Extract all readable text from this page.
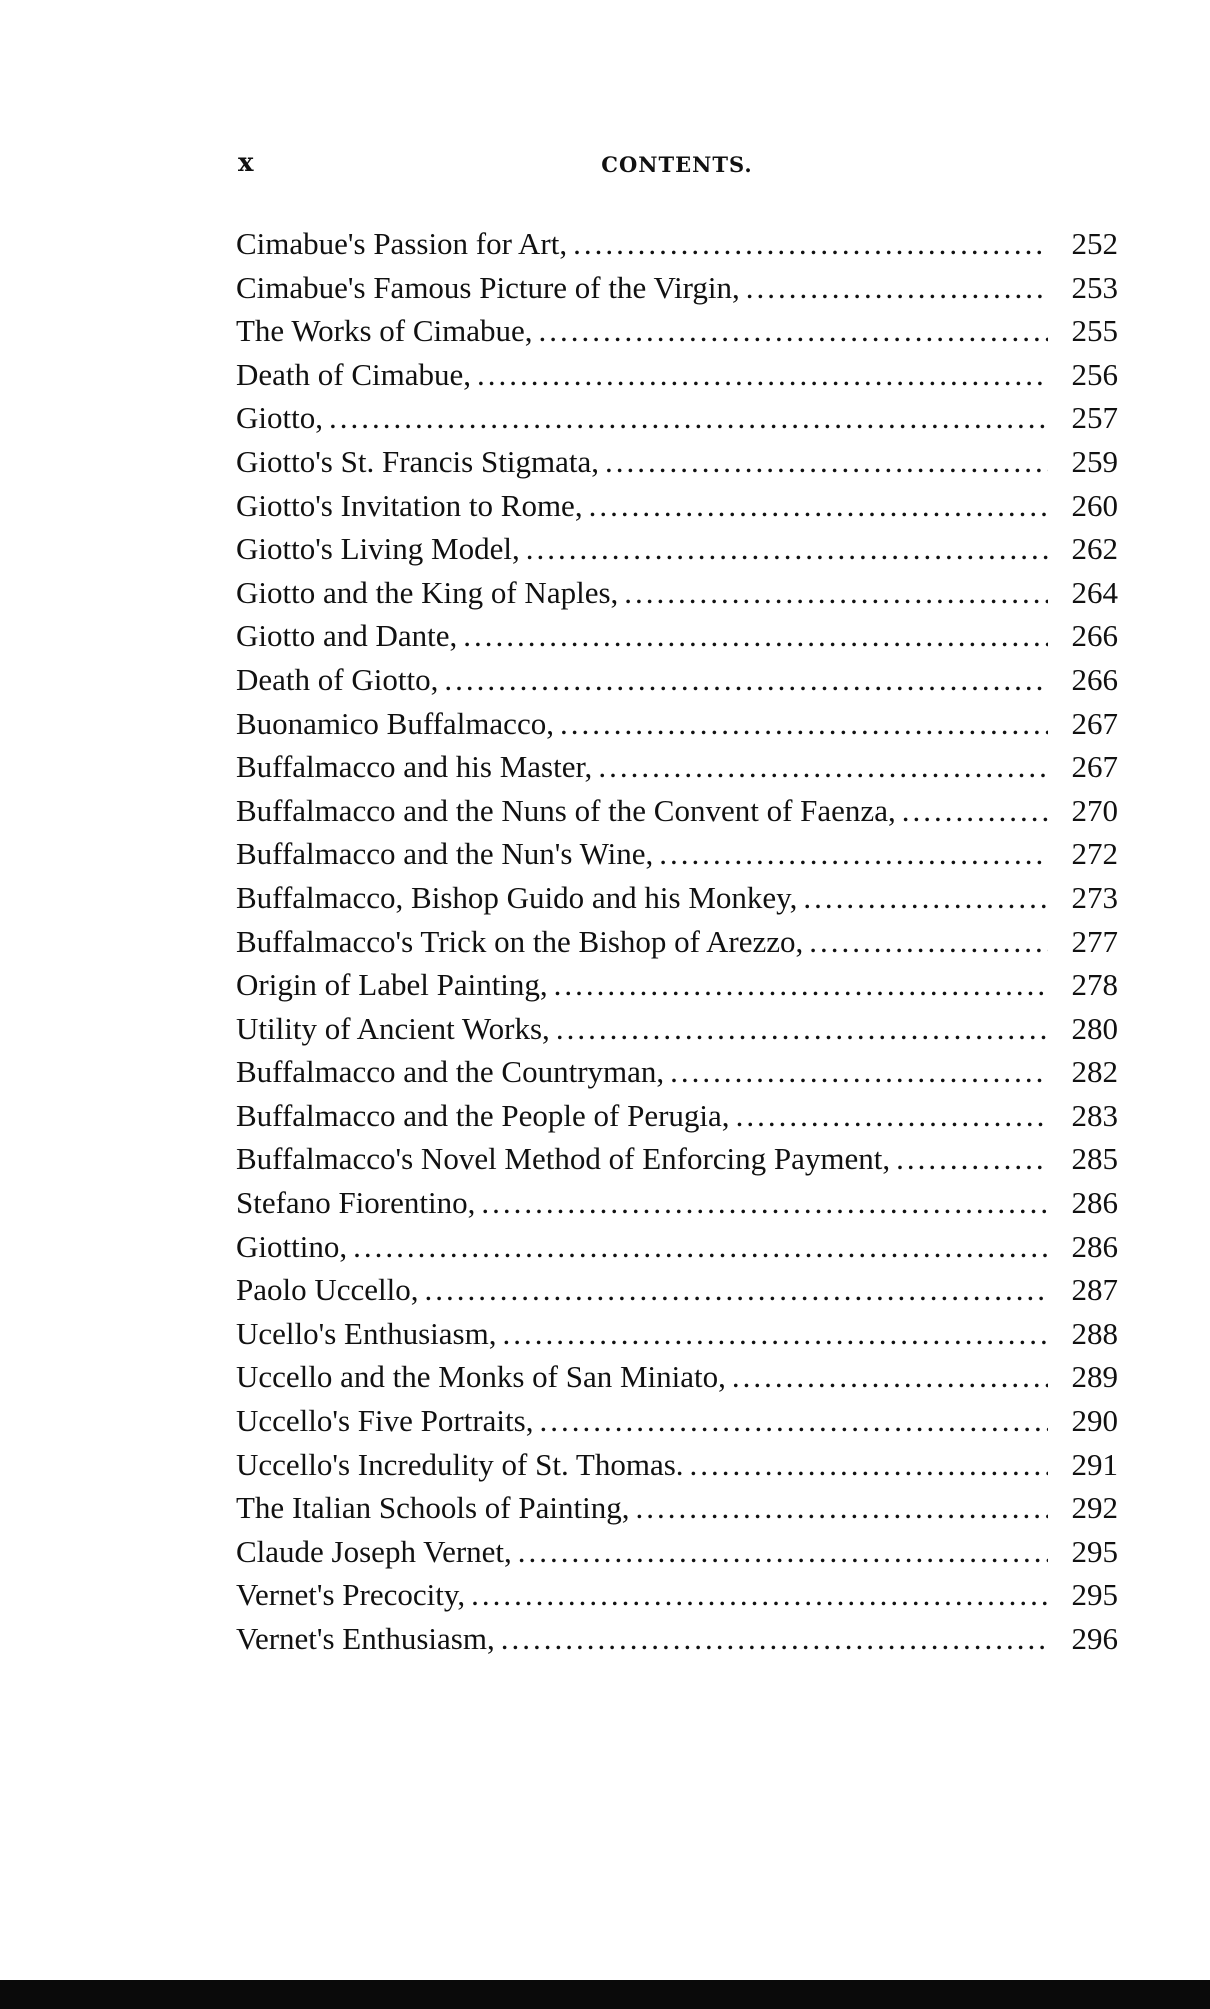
x	CONTENTS.
Cimabue's Passion for Art, .....	252
Cimabue's Famous Picture of the Virgin, .....	253
The Works of Cimabue, .....	255
Death of Cimabue, .....	256
Giotto, .....	257
Giotto's St. Francis Stigmata, .....	259
Giotto's Invitation to Rome, .....	260
Giotto's Living Model, .....	262
Giotto and the King of Naples, .....	264
Giotto and Dante, .....	266
Death of Giotto, .....	266
Buonamico Buffalmacco, .....	267
Buffalmacco and his Master, .....	267
Buffalmacco and the Nuns of the Convent of Faenza, .....	270
Buffalmacco and the Nun's Wine, .....	272
Buffalmacco, Bishop Guido and his Monkey, .....	273
Buffalmacco's Trick on the Bishop of Arezzo, .....	277
Origin of Label Painting, .....	278
Utility of Ancient Works, .....	280
Buffalmacco and the Countryman, .....	282
Buffalmacco and the People of Perugia, .....	283
Buffalmacco's Novel Method of Enforcing Payment, .....	285
Stefano Fiorentino, .....	286
Giottino, .....	286
Paolo Uccello, .....	287
Ucello's Enthusiasm, .....	288
Uccello and the Monks of San Miniato, .....	289
Uccello's Five Portraits, .....	290
Uccello's Incredulity of St. Thomas. .....	291
The Italian Schools of Painting, .....	292
Claude Joseph Vernet, .....	295
Vernet's Precocity, .....	295
Vernet's Enthusiasm, .....	296
